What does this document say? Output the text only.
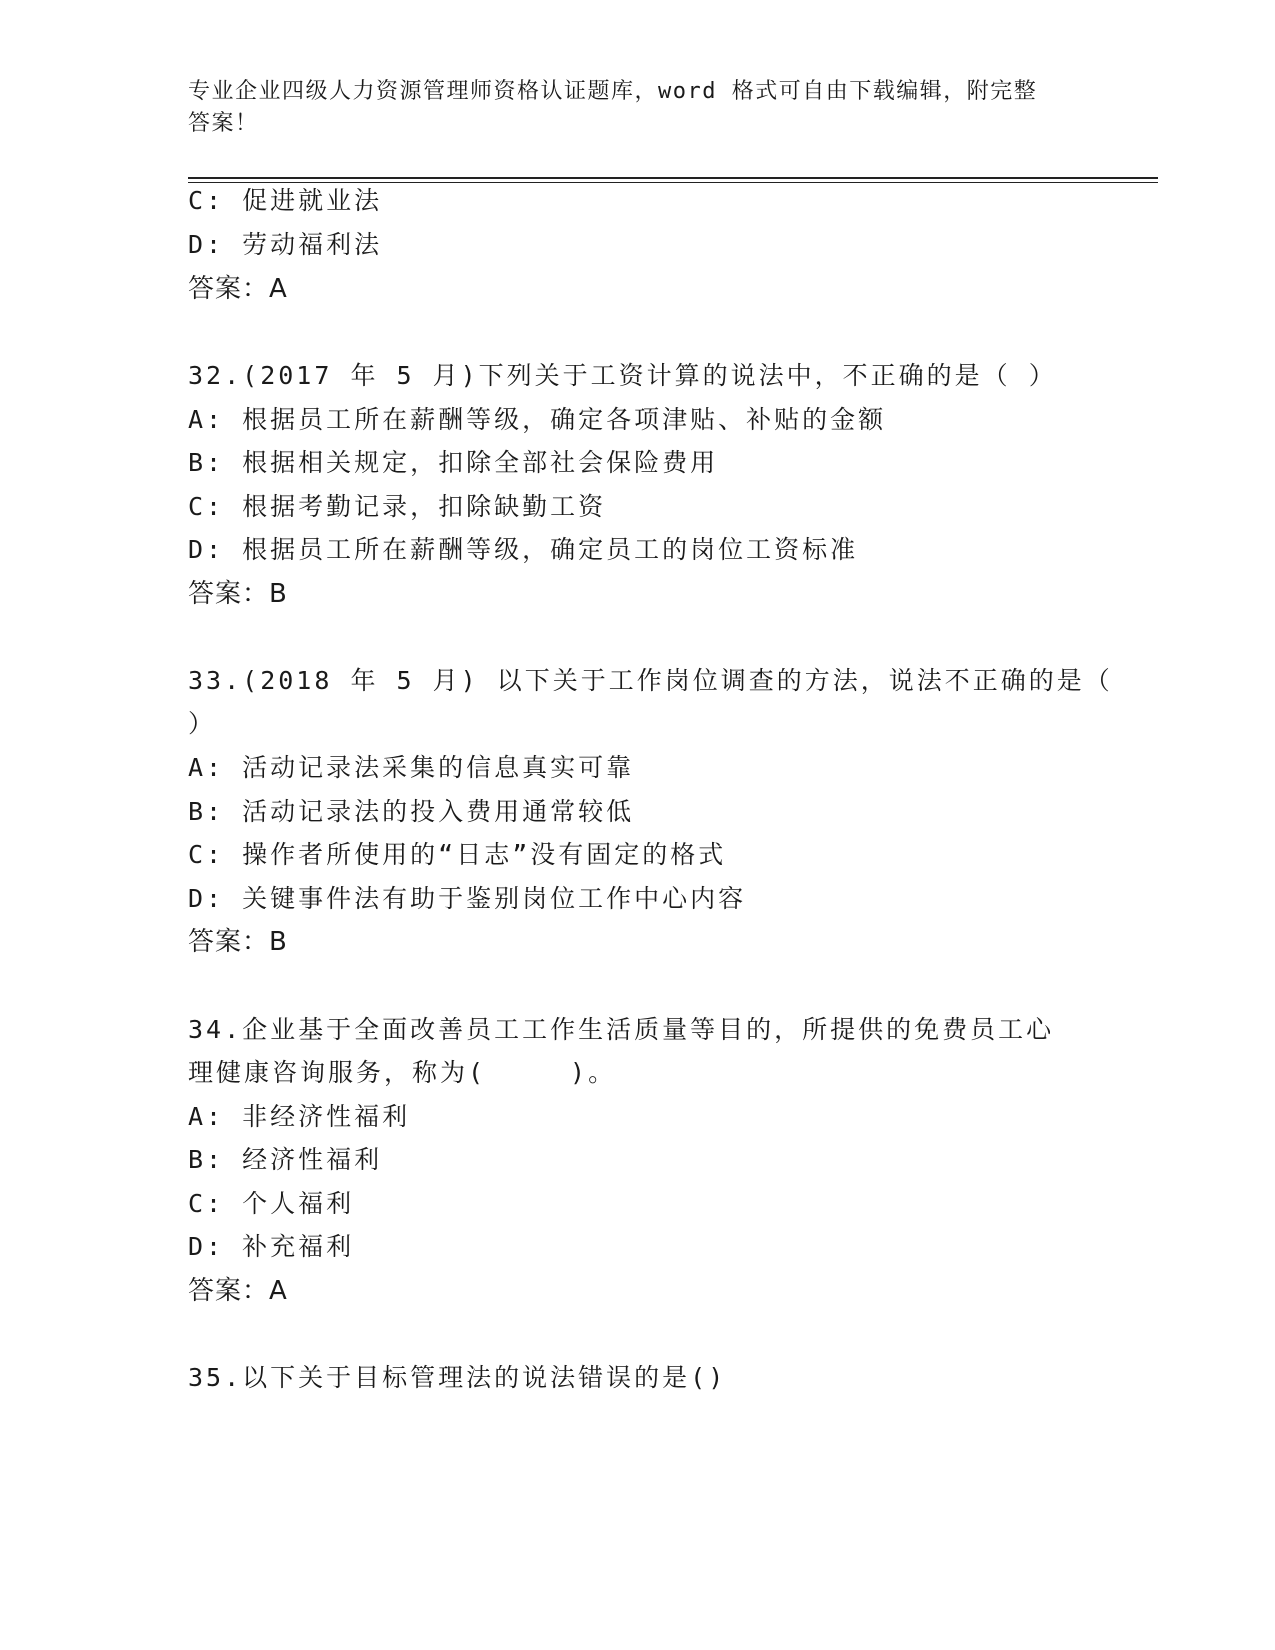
专业企业四级人力资源管理师资格认证题库，word 格式可自由下载编辑，附完整
答案！
C: 促进就业法
D: 劳动福利法
答案：A
32.(2017 年 5 月)下列关于工资计算的说法中，不正确的是（ ）
A: 根据员工所在薪酬等级，确定各项津贴、补贴的金额
B: 根据相关规定，扣除全部社会保险费用
C: 根据考勤记录，扣除缺勤工资
D: 根据员工所在薪酬等级，确定员工的岗位工资标准
答案：B
33.(2018 年 5 月) 以下关于工作岗位调查的方法，说法不正确的是（
）
A: 活动记录法采集的信息真实可靠
B: 活动记录法的投入费用通常较低
C: 操作者所使用的“日志”没有固定的格式
D: 关键事件法有助于鉴别岗位工作中心内容
答案：B
34.企业基于全面改善员工工作生活质量等目的，所提供的免费员工心
理健康咨询服务，称为(　　　)。
A: 非经济性福利
B: 经济性福利
C: 个人福利
D: 补充福利
答案：A
35.以下关于目标管理法的说法错误的是()
